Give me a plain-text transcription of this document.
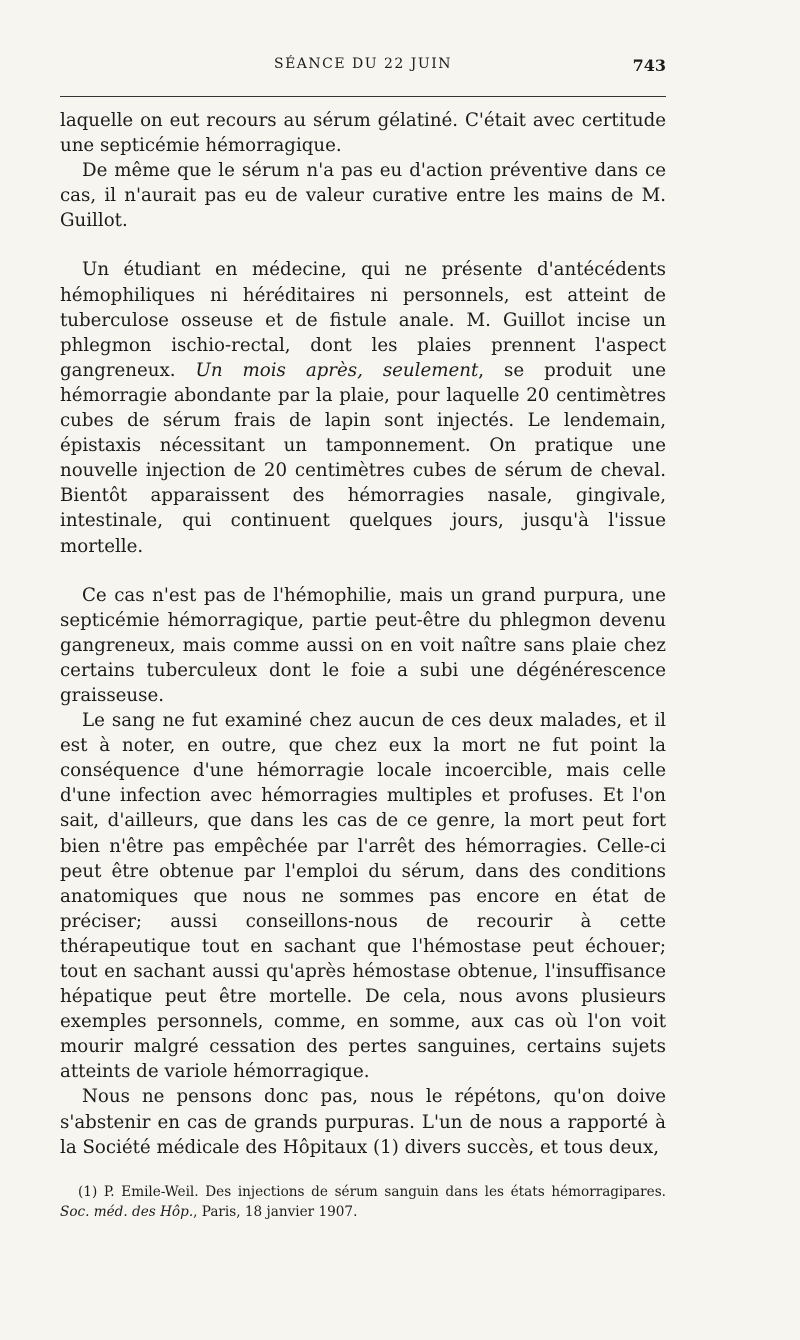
SÉANCE DU 22 JUIN	743

laquelle on eut recours au sérum gélatiné. C'était avec certitude une septicémie hémorragique.

De même que le sérum n'a pas eu d'action préventive dans ce cas, il n'aurait pas eu de valeur curative entre les mains de M. Guillot.

Un étudiant en médecine, qui ne présente d'antécédents hémophiliques ni héréditaires ni personnels, est atteint de tuberculose osseuse et de fistule anale. M. Guillot incise un phlegmon ischio-rectal, dont les plaies prennent l'aspect gangreneux. Un mois après, seulement, se produit une hémorragie abondante par la plaie, pour laquelle 20 centimètres cubes de sérum frais de lapin sont injectés. Le lendemain, épistaxis nécessitant un tamponnement. On pratique une nouvelle injection de 20 centimètres cubes de sérum de cheval. Bientôt apparaissent des hémorragies nasale, gingivale, intestinale, qui continuent quelques jours, jusqu'à l'issue mortelle.

Ce cas n'est pas de l'hémophilie, mais un grand purpura, une septicémie hémorragique, partie peut-être du phlegmon devenu gangreneux, mais comme aussi on en voit naître sans plaie chez certains tuberculeux dont le foie a subi une dégénérescence graisseuse.

Le sang ne fut examiné chez aucun de ces deux malades, et il est à noter, en outre, que chez eux la mort ne fut point la conséquence d'une hémorragie locale incoercible, mais celle d'une infection avec hémorragies multiples et profuses. Et l'on sait, d'ailleurs, que dans les cas de ce genre, la mort peut fort bien n'être pas empêchée par l'arrêt des hémorragies. Celle-ci peut être obtenue par l'emploi du sérum, dans des conditions anatomiques que nous ne sommes pas encore en état de préciser; aussi conseillons-nous de recourir à cette thérapeutique tout en sachant que l'hémostase peut échouer; tout en sachant aussi qu'après hémostase obtenue, l'insuffisance hépatique peut être mortelle. De cela, nous avons plusieurs exemples personnels, comme, en somme, aux cas où l'on voit mourir malgré cessation des pertes sanguines, certains sujets atteints de variole hémorragique.

Nous ne pensons donc pas, nous le répétons, qu'on doive s'abstenir en cas de grands purpuras. L'un de nous a rapporté à la Société médicale des Hôpitaux (1) divers succès, et tous deux,

(1) P. Emile-Weil. Des injections de sérum sanguin dans les états hémorragipares. Soc. méd. des Hôp., Paris, 18 janvier 1907.
